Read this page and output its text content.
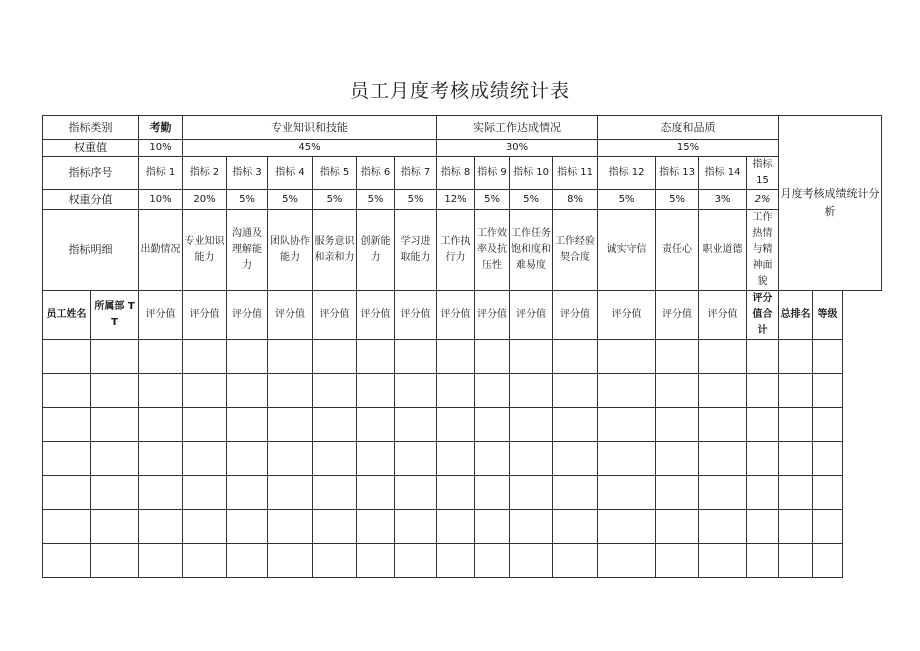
员工月度考核成绩统计表
指标类别		考勤	专业知识和技能						实际工作达成情况				态度和品质				月度考核成绩统计分析	
权重值		10%	45%						30%				15%					
指标序号		指标 1	指标 2	指标 3	指标 4	指标 5	指标 6	指标 7	指标 8	指标 9	指标 10	指标 11	指标 12	指标 13	指标 14	指标 15		
权重分值		10%	20%	5%	5%	5%	5%	5%	12%	5%	5%	8%	5%	5%	3%	2%		
指标明细		出勤情况	专业知识能力	沟通及理解能力	团队协作能力	服务意识和亲和力	创新能力	学习进取能力	工作执行力	工作效率及抗压性	工作任务饱和度和难易度	工作经验契合度	诚实守信	责任心	职业道德	工作热情与精神面貌		
员工姓名	所属部 TT	评分值	评分值	评分值	评分值	评分值	评分值	评分值	评分值	评分值	评分值	评分值	评分值	评分值	评分值	评分值合计	总排名	等级
